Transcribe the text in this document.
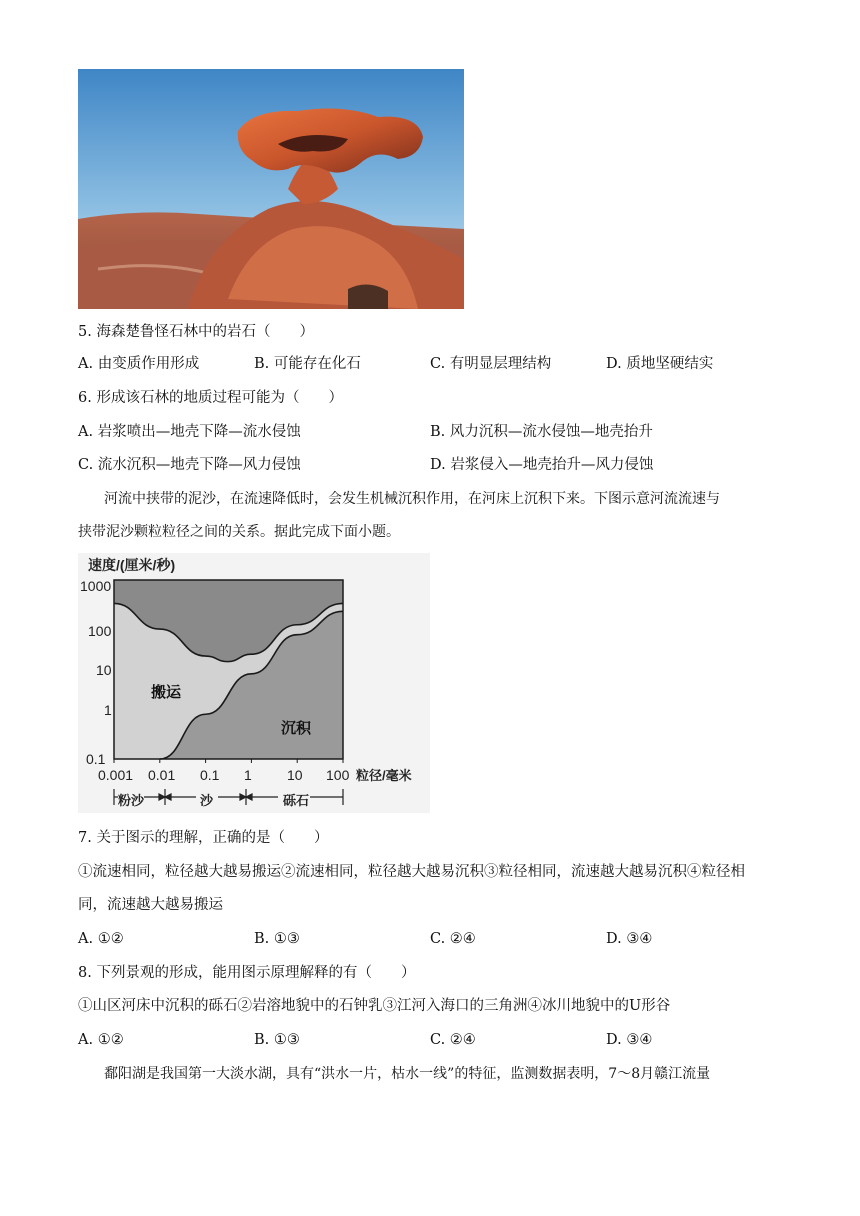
5. 海森楚鲁怪石林中的岩石（　　）
A. 由变质作用形成	B. 可能存在化石	C. 有明显层理结构	D. 质地坚硬结实
6. 形成该石林的地质过程可能为（　　）
A. 岩浆喷出—地壳下降—流水侵蚀	B. 风力沉积—流水侵蚀—地壳抬升
C. 流水沉积—地壳下降—风力侵蚀	D. 岩浆侵入—地壳抬升—风力侵蚀
河流中挟带的泥沙，在流速降低时，会发生机械沉积作用，在河床上沉积下来。下图示意河流流速与
挟带泥沙颗粒粒径之间的关系。据此完成下面小题。
速度/(厘米/秒)
粒径/毫米
1000
100
10
1
0.1
0.001 0.01 0.1 1	10 100
搬运
沉积
粉沙	沙	砾石
7. 关于图示的理解，正确的是（　　）
①流速相同，粒径越大越易搬运②流速相同，粒径越大越易沉积③粒径相同，流速越大越易沉积④粒径相
同，流速越大越易搬运
A. ①②	B. ①③	C. ②④	D. ③④
8. 下列景观的形成，能用图示原理解释的有（　　）
①山区河床中沉积的砾石②岩溶地貌中的石钟乳③江河入海口的三角洲④冰川地貌中的U形谷
A. ①②	B. ①③	C. ②④	D. ③④
鄱阳湖是我国第一大淡水湖，具有“洪水一片，枯水一线”的特征，监测数据表明，7～8月赣江流量
